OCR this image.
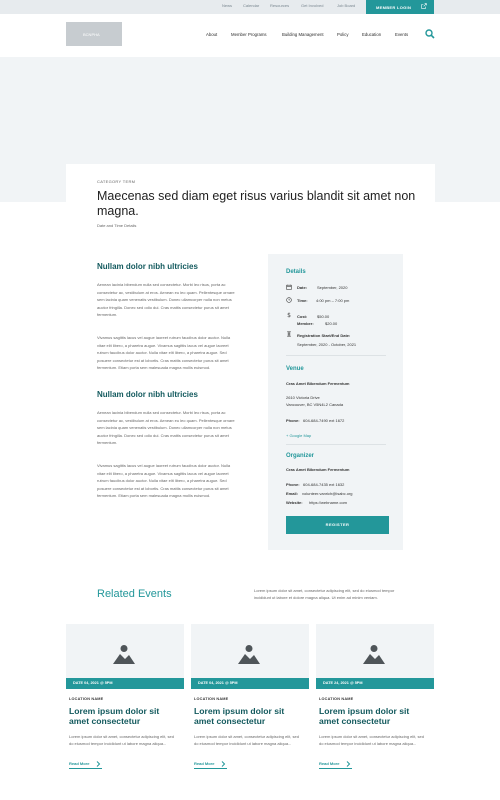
News	Calendar	Resources	Get Involved	Job Board	MEMBER LOGIN
BCNPHA	About	Member Programs	Building Management	Policy	Education	Events
CATEGORY TERM
Maecenas sed diam eget risus varius blandit sit amet non magna.
Date and Time Details
Nullam dolor nibh ultricies
Aenean lacinia bibendum nulla sed consectetur. Morbi leo risus, porta ac consectetur ac, vestibulum at eros. Aenean eu leo quam. Pellentesque ornare sem lacinia quam venenatis vestibulum. Donec ullamcorper nulla non metus auctor fringilla. Donec sed odio dui. Cras mattis consectetur purus sit amet fermentum.
Vivamus sagittis lacus vel augue laoreet rutrum faucibus dolor auctor. Nulla vitae elit libero, a pharetra augue. Vivamus sagittis lacus vel augue laoreet rutrum faucibus dolor auctor. Nulla vitae elit libero, a pharetra augue. Sed posuere consectetur est at lobortis. Cras mattis consectetur purus sit amet fermentum. Etiam porta sem malesuada magna mollis euismod.
Nullam dolor nibh ultricies
Aenean lacinia bibendum nulla sed consectetur. Morbi leo risus, porta ac consectetur ac, vestibulum at eros. Aenean eu leo quam. Pellentesque ornare sem lacinia quam venenatis vestibulum. Donec ullamcorper nulla non metus auctor fringilla. Donec sed odio dui. Cras mattis consectetur purus sit amet fermentum.
Vivamus sagittis lacus vel augue laoreet rutrum faucibus dolor auctor. Nulla vitae elit libero, a pharetra augue. Vivamus sagittis lacus vel augue laoreet rutrum faucibus dolor auctor. Nulla vitae elit libero, a pharetra augue. Sed posuere consectetur est at lobortis. Cras mattis consectetur purus sit amet fermentum. Etiam porta sem malesuada magna mollis euismod.
Details
Date: September, 2020
Time: 4:00 pm – 7:00 pm
$ Cost: $50.00
Member:	$20.00
Registration Start/End Date:
September, 2020 - October, 2021
Venue
Cras Amet Bibendum Fermentum
2610 Victoria Drive
Vancouver, BC V5N4L2 Canada
Phone: 604-684-7490 ext 1672
+ Google Map
Organizer
Cras Amet Bibendum Fermentum
Phone: 604-684-7435 ext 1632
Email: volunteer.vanrich@isabc.org
Website: https://webname.com
REGISTER
Related Events	Lorem ipsum dolor sit amet, consectetur adipiscing elit, sed do eiusmod tempor incididunt ut labore et dolore magna aliqua. Ut enim ad minim veniam.
DATE 04, 2021 @ 5PM
LOCATION NAME
Lorem ipsum dolor sit amet consectetur
Lorem ipsum dolor sit amet, consectetur adipiscing elit, sed do eiusmod tempor incididunt ut labore magna aliqua...
Read More
DATE 04, 2021 @ 5PM
LOCATION NAME
Lorem ipsum dolor sit amet consectetur
Lorem ipsum dolor sit amet, consectetur adipiscing elit, sed do eiusmod tempor incididunt ut labore magna aliqua...
Read More
DATE 24, 2021 @ 5PM
LOCATION NAME
Lorem ipsum dolor sit amet consectetur
Lorem ipsum dolor sit amet, consectetur adipiscing elit, sed do eiusmod tempor incididunt ut labore magna aliqua...
Read More
